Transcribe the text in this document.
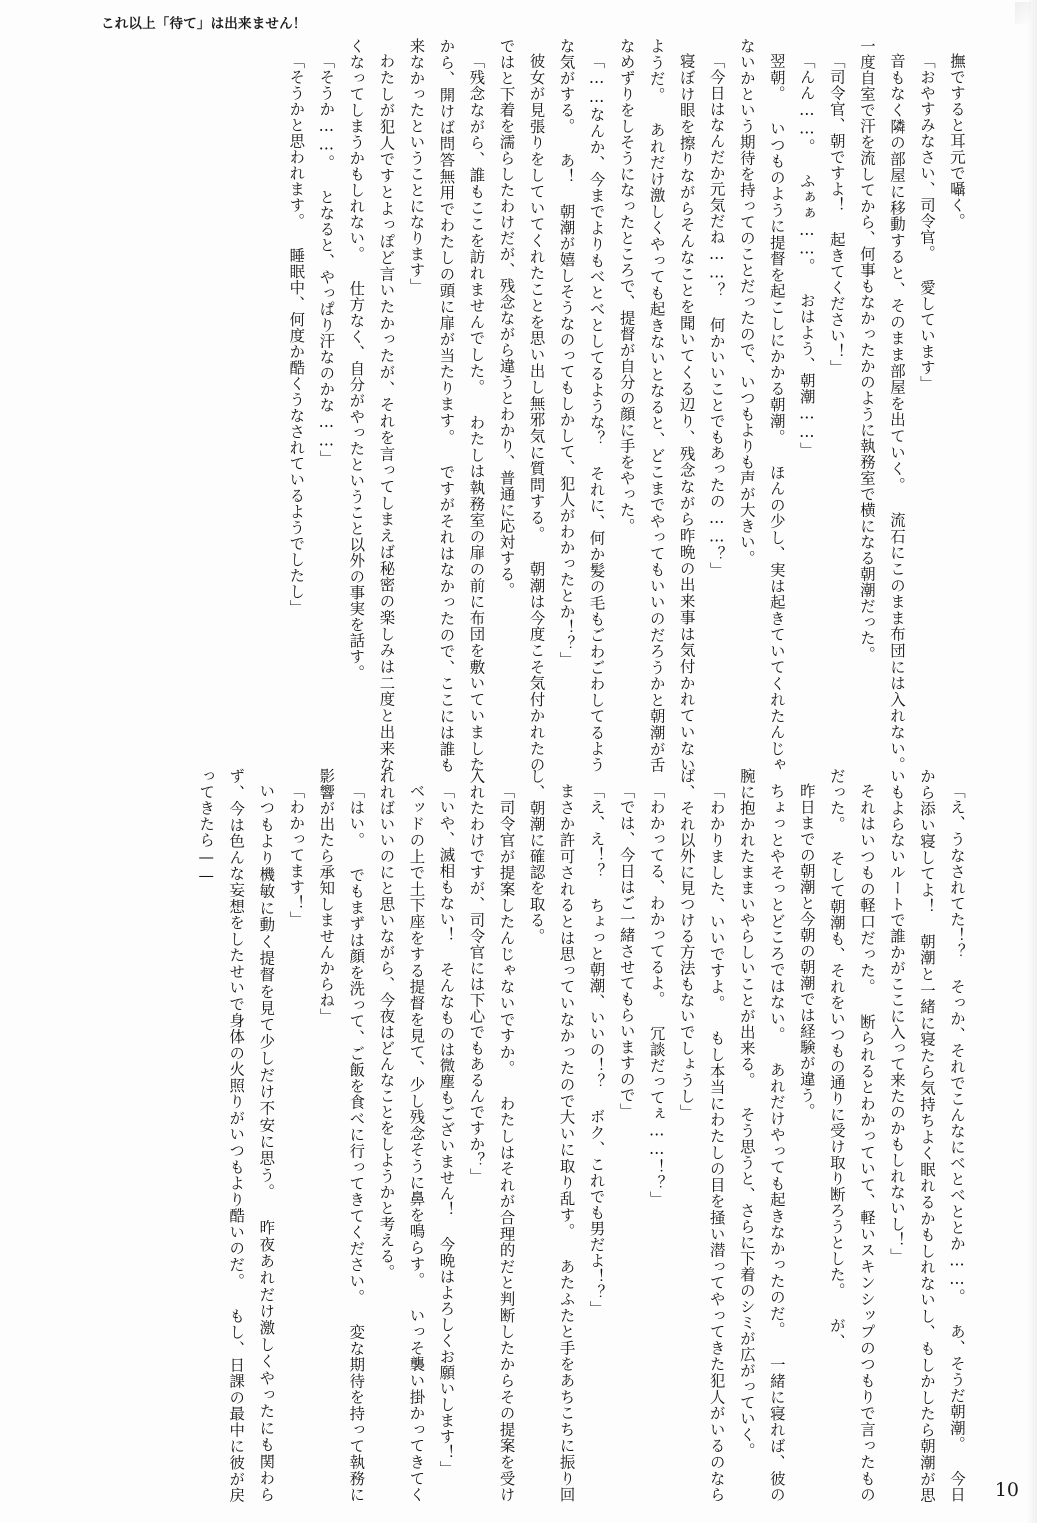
これ以上「待て」は出来ません！

撫ですると耳元で囁く。

「おやすみなさい、司令官。 愛しています」

音もなく隣の部屋に移動すると、そのまま部屋を出ていく。 流石にこのまま布団には入れない。 一度自室で汗を流してから、何事もなかったかのように執務室で横になる朝潮だった。

「司令官、朝ですよ！ 起きてください！」

「んん……。 ふぁぁ……。 おはよう、朝潮……」

翌朝。 いつものように提督を起こしにかかる朝潮。 ほんの少し、実は起きていてくれたんじゃないかという期待を持ってのことだったので、いつもよりも声が大きい。

「今日はなんだか元気だね……？ 何かいいことでもあったの……？」

寝ぼけ眼を擦りながらそんなことを聞いてくる辺り、残念ながら昨晩の出来事は気付かれていないようだ。 あれだけ激しくやっても起きないとなると、どこまでやってもいいのだろうかと朝潮が舌なめずりをしそうになったところで、提督が自分の顔に手をやった。

「……なんか、今までよりもべとべとしてるような？ それに、何か髪の毛もごわごわしてるような気がする。 あ！ 朝潮が嬉しそうなのってもしかして、犯人がわかったとか！？」

彼女が見張りをしていてくれたことを思い出し無邪気に質問する。 朝潮は今度こそ気付かれたのではと下着を濡らしたわけだが、残念ながら違うとわかり、普通に応対する。

「残念ながら、誰もここを訪れませんでした。 わたしは執務室の扉の前に布団を敷いていましたから、開けば問答無用でわたしの頭に扉が当たります。 ですがそれはなかったので、ここには誰も来なかったということになります」

わたしが犯人ですとよっぽど言いたかったが、それを言ってしまえば秘密の楽しみは二度と出来なくなってしまうかもしれない。 仕方なく、自分がやったということ以外の事実を話す。

「そうか……。 となると、やっぱり汗なのかな……」

「そうかと思われます。 睡眠中、何度か酷くうなされているようでしたし」

「え、うなされてた！？ そっか、それでこんなにべとべととか……。 あ、そうだ朝潮。 今日から添い寝してよ！ 朝潮と一緒に寝たら気持ちよく眠れるかもしれないし、もしかしたら朝潮が思いもよらないルートで誰かがここに入って来たのかもしれないし！」

それはいつもの軽口だった。 断られるとわかっていて、軽いスキンシップのつもりで言ったものだった。 そして朝潮も、それをいつもの通りに受け取り断ろうとした。 が、

昨日までの朝潮と今朝の朝潮では経験が違う。

ちょっとやそっとどころではない。 あれだけやっても起きなかったのだ。 一緒に寝れば、彼の腕に抱かれたままいやらしいことが出来る。 そう思うと、さらに下着のシミが広がっていく。

「わかりました、いいですよ。 もし本当にわたしの目を掻い潜ってやってきた犯人がいるのならば、それ以外に見つける方法もないでしょうし」

「わかってる、わかってるよ。 冗談だってぇ……！？」

「では、今日はご一緒させてもらいますので」

「え、え！？ ちょっと朝潮、いいの！？ ボク、これでも男だよ！？」

まさか許可されるとは思っていなかったので大いに取り乱す。 あたふたと手をあちこちに振り回し、朝潮に確認を取る。

「司令官が提案したんじゃないですか。 わたしはそれが合理的だと判断したからその提案を受け入れたわけですが、司令官には下心でもあるんですか？」

「いや、滅相もない！ そんなものは微塵もございません！ 今晩はよろしくお願いします！」

ベッドの上で土下座をする提督を見て、少し残念そうに鼻を鳴らす。 いっそ襲い掛かってきてくれればいいのにと思いながら、今夜はどんなことをしようかと考える。

「はい。 でもまずは顔を洗って、ご飯を食べに行ってきてください。 変な期待を持って執務に影響が出たら承知しませんからね」

「わかってます！」

いつもより機敏に動く提督を見て少しだけ不安に思う。 昨夜あれだけ激しくやったにも関わらず、今は色んな妄想をしたせいで身体の火照りがいつもより酷いのだ。 もし、日課の最中に彼が戻ってきたら——

10
